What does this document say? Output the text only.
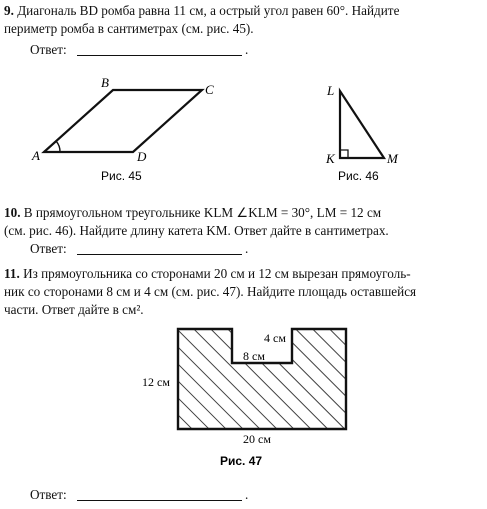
9. Диагональ BD ромба равна 11 см, а острый угол равен 60°. Найдите
периметр ромба в сантиметрах (см. рис. 45).
Ответ:	.
10. В прямоугольном треугольнике KLM ∠KLM = 30°, LM = 12 см
(см. рис. 46). Найдите длину катета KM. Ответ дайте в сантиметрах.
Ответ:	.
11. Из прямоугольника со сторонами 20 см и 12 см вырезан прямоуголь-
ник со сторонами 8 см и 4 см (см. рис. 47). Найдите площадь оставшейся
части. Ответ дайте в см².
Ответ:	.
A
B	C
D
Рис. 45
L
K	M
Рис. 46
4 см
8 см
12 см
20 см
Рис. 47
